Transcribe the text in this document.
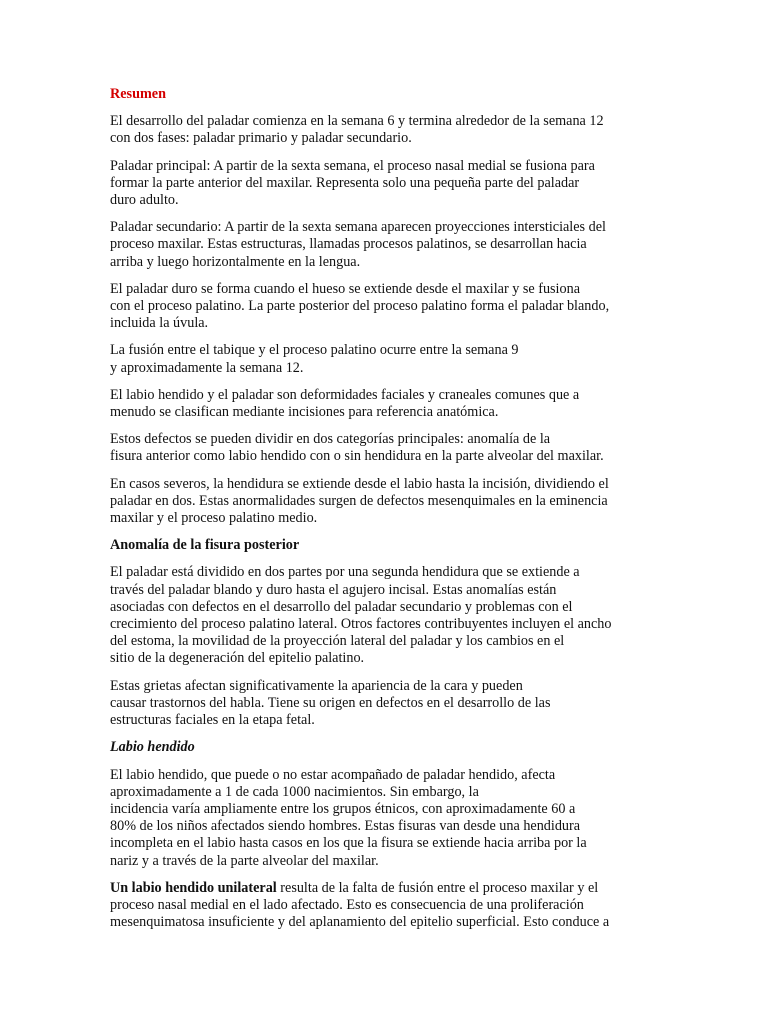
Resumen

El desarrollo del paladar comienza en la semana 6 y termina alrededor de la semana 12
con dos fases: paladar primario y paladar secundario.

Paladar principal: A partir de la sexta semana, el proceso nasal medial se fusiona para
formar la parte anterior del maxilar. Representa solo una pequeña parte del paladar
duro adulto.

Paladar secundario: A partir de la sexta semana aparecen proyecciones intersticiales del
proceso maxilar. Estas estructuras, llamadas procesos palatinos, se desarrollan hacia
arriba y luego horizontalmente en la lengua.

El paladar duro se forma cuando el hueso se extiende desde el maxilar y se fusiona
con el proceso palatino. La parte posterior del proceso palatino forma el paladar blando,
incluida la úvula.

La fusión entre el tabique y el proceso palatino ocurre entre la semana 9
y aproximadamente la semana 12.

El labio hendido y el paladar son deformidades faciales y craneales comunes que a
menudo se clasifican mediante incisiones para referencia anatómica.

Estos defectos se pueden dividir en dos categorías principales: anomalía de la
fisura anterior como labio hendido con o sin hendidura en la parte alveolar del maxilar.

En casos severos, la hendidura se extiende desde el labio hasta la incisión, dividiendo el
paladar en dos. Estas anormalidades surgen de defectos mesenquimales en la eminencia
maxilar y el proceso palatino medio.

Anomalía de la fisura posterior

El paladar está dividido en dos partes por una segunda hendidura que se extiende a
través del paladar blando y duro hasta el agujero incisal. Estas anomalías están
asociadas con defectos en el desarrollo del paladar secundario y problemas con el
crecimiento del proceso palatino lateral. Otros factores contribuyentes incluyen el ancho
del estoma, la movilidad de la proyección lateral del paladar y los cambios en el
sitio de la degeneración del epitelio palatino.

Estas grietas afectan significativamente la apariencia de la cara y pueden
causar trastornos del habla. Tiene su origen en defectos en el desarrollo de las
estructuras faciales en la etapa fetal.

Labio hendido

El labio hendido, que puede o no estar acompañado de paladar hendido, afecta
aproximadamente a 1 de cada 1000 nacimientos. Sin embargo, la
incidencia varía ampliamente entre los grupos étnicos, con aproximadamente 60 a
80% de los niños afectados siendo hombres. Estas fisuras van desde una hendidura
incompleta en el labio hasta casos en los que la fisura se extiende hacia arriba por la
nariz y a través de la parte alveolar del maxilar.

Un labio hendido unilateral resulta de la falta de fusión entre el proceso maxilar y el
proceso nasal medial en el lado afectado. Esto es consecuencia de una proliferación
mesenquimatosa insuficiente y del aplanamiento del epitelio superficial. Esto conduce a
